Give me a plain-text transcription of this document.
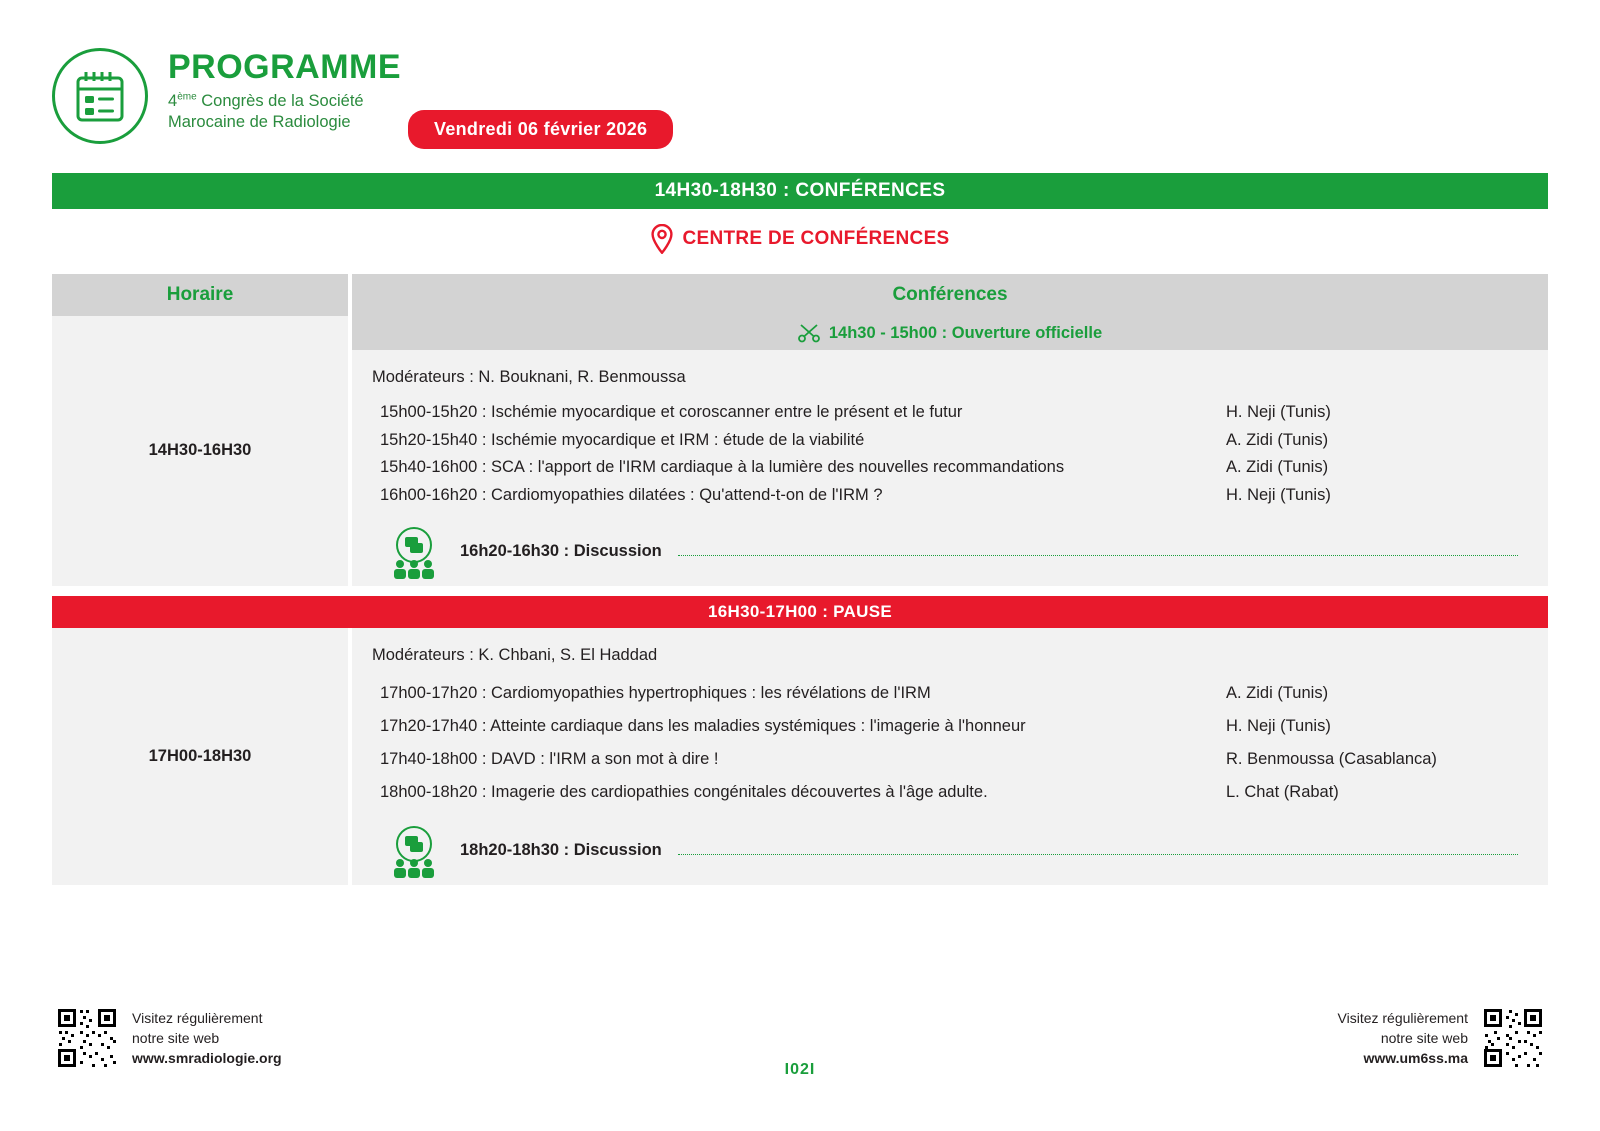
PROGRAMME
4ème Congrès de la Société
Marocaine de Radiologie	Vendredi 06 février 2026
14H30-18H30 : CONFÉRENCES
CENTRE DE CONFÉRENCES
Horaire	Conférences
14H30-16H30
14h30 - 15h00 : Ouverture officielle
Modérateurs : N. Bouknani, R. Benmoussa
15h00-15h20 : Ischémie myocardique et coroscanner entre le présent et le futur	H. Neji (Tunis)
15h20-15h40 : Ischémie myocardique et IRM : étude de la viabilité	A. Zidi (Tunis)
15h40-16h00 : SCA : l'apport de l'IRM cardiaque à la lumière des nouvelles recommandations	A. Zidi (Tunis)
16h00-16h20 : Cardiomyopathies dilatées : Qu'attend-t-on de l'IRM ?	H. Neji (Tunis)
16h20-16h30 : Discussion
16H30-17H00 : PAUSE
17H00-18H30
Modérateurs : K. Chbani, S. El Haddad
17h00-17h20 : Cardiomyopathies hypertrophiques : les révélations de l'IRM	A. Zidi (Tunis)
17h20-17h40 : Atteinte cardiaque dans les maladies systémiques : l'imagerie à l'honneur	H. Neji (Tunis)
17h40-18h00 : DAVD : l'IRM a son mot à dire !	R. Benmoussa (Casablanca)
18h00-18h20 : Imagerie des cardiopathies congénitales découvertes à l'âge adulte.	L. Chat (Rabat)
18h20-18h30 : Discussion
I02I
Visitez régulièrement
notre site web
www.smradiologie.org
Visitez régulièrement
notre site web
www.um6ss.ma
